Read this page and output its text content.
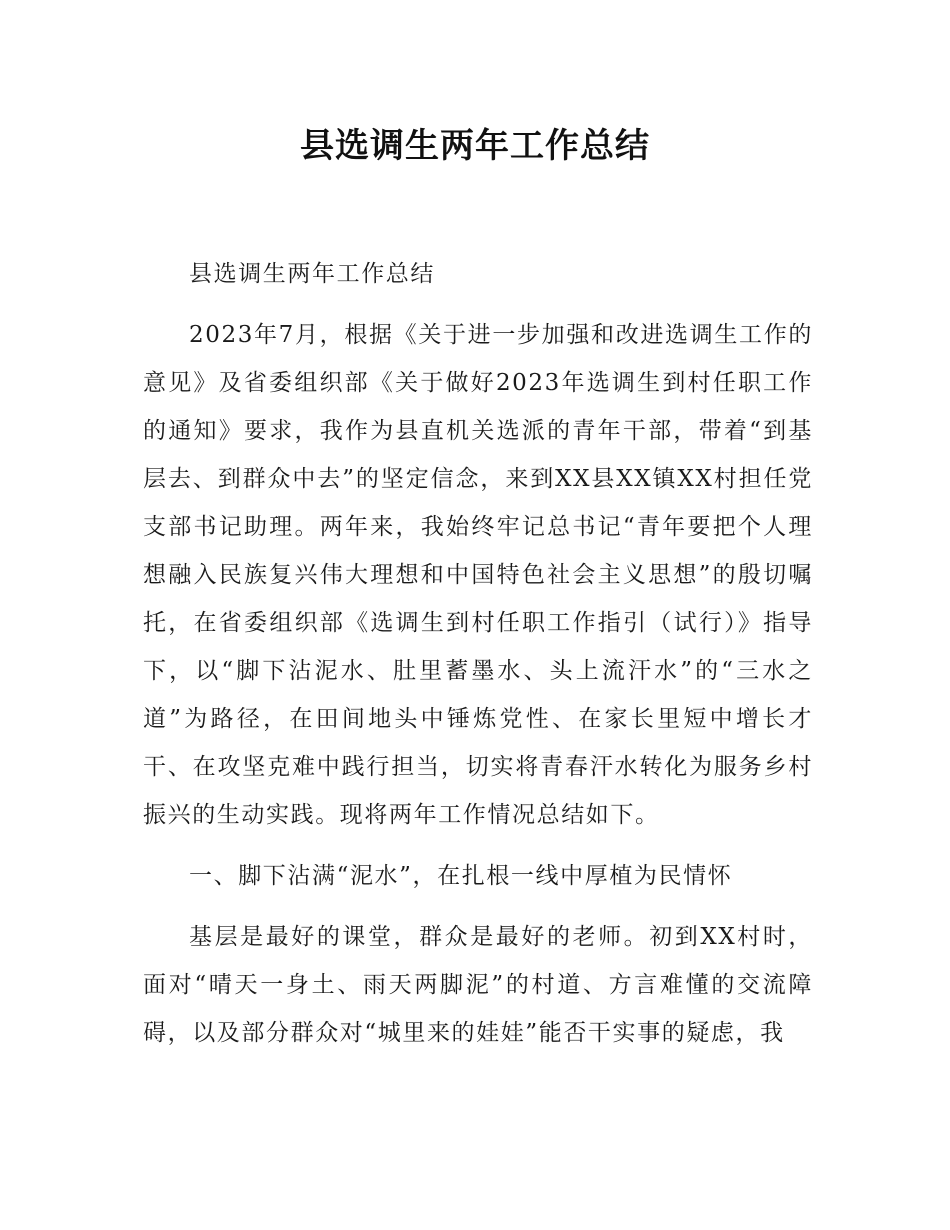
县选调生两年工作总结

县选调生两年工作总结

2023年7月，根据《关于进一步加强和改进选调生工作的意见》及省委组织部《关于做好2023年选调生到村任职工作的通知》要求，我作为县直机关选派的青年干部，带着“到基层去、到群众中去”的坚定信念，来到XX县XX镇XX村担任党支部书记助理。两年来，我始终牢记总书记“青年要把个人理想融入民族复兴伟大理想和中国特色社会主义思想”的殷切嘱托，在省委组织部《选调生到村任职工作指引（试行）》指导下，以“脚下沾泥水、肚里蓄墨水、头上流汗水”的“三水之道”为路径，在田间地头中锤炼党性、在家长里短中增长才干、在攻坚克难中践行担当，切实将青春汗水转化为服务乡村振兴的生动实践。现将两年工作情况总结如下。

一、脚下沾满“泥水”，在扎根一线中厚植为民情怀

基层是最好的课堂，群众是最好的老师。初到XX村时，面对“晴天一身土、雨天两脚泥”的村道、方言难懂的交流障碍，以及部分群众对“城里来的娃娃”能否干实事的疑虑，我
